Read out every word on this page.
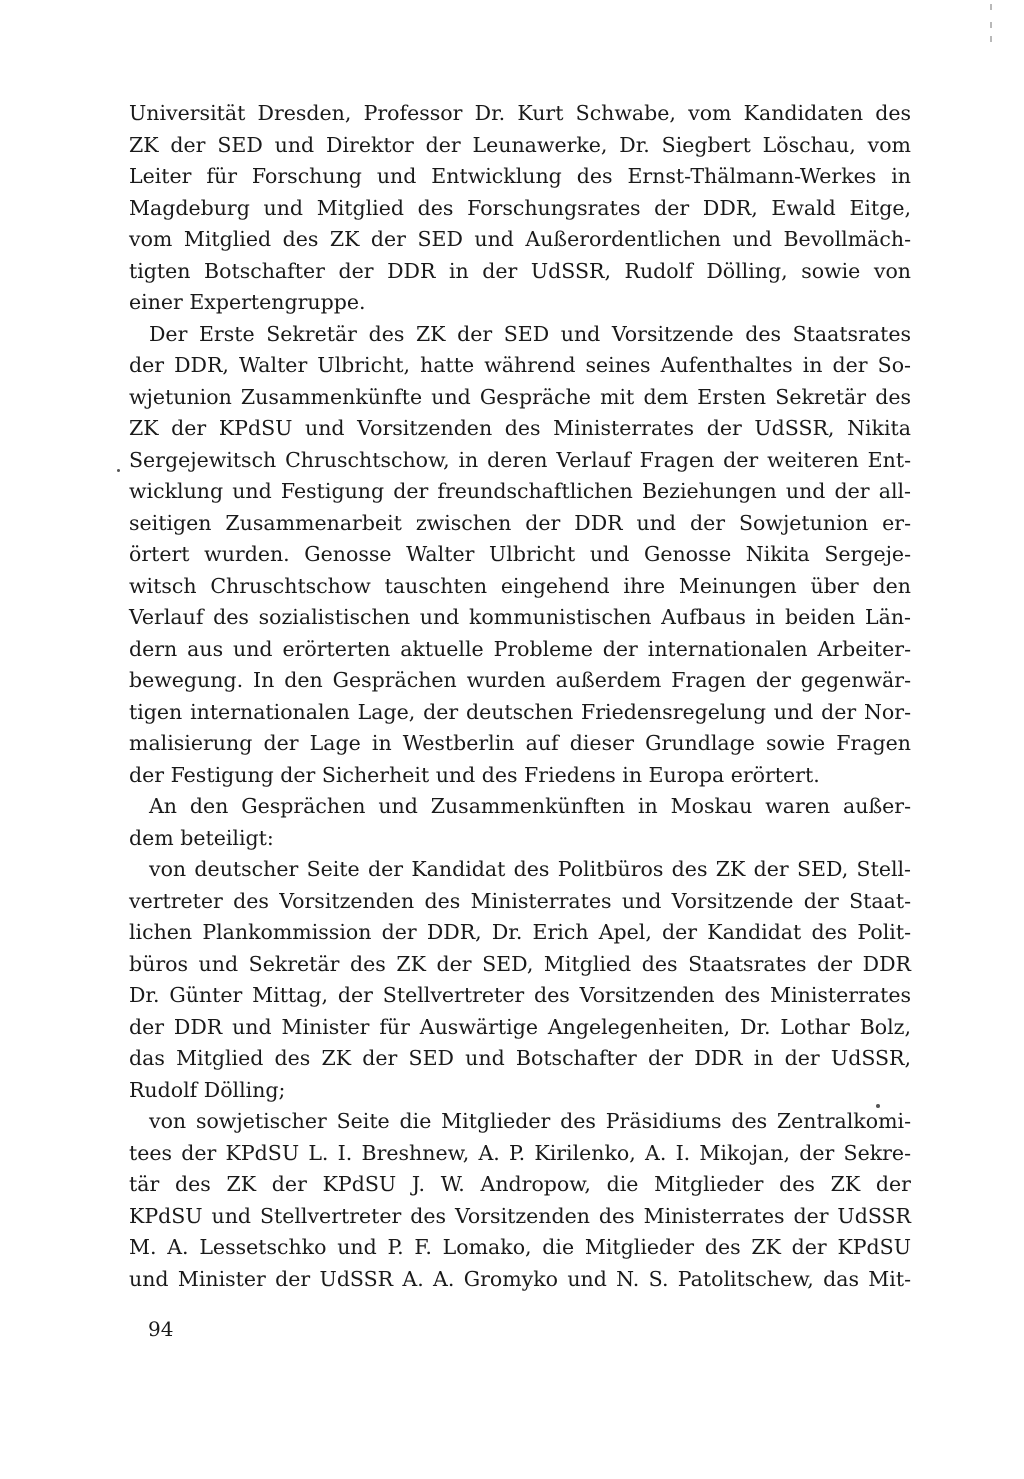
Universität Dresden, Professor Dr. Kurt Schwabe, vom Kandidaten des
ZK der SED und Direktor der Leunawerke, Dr. Siegbert Löschau, vom
Leiter für Forschung und Entwicklung des Ernst-Thälmann-Werkes in
Magdeburg und Mitglied des Forschungsrates der DDR, Ewald Eitge,
vom Mitglied des ZK der SED und Außerordentlichen und Bevollmäch-
tigten Botschafter der DDR in der UdSSR, Rudolf Dölling, sowie von
einer Expertengruppe.
Der Erste Sekretär des ZK der SED und Vorsitzende des Staatsrates
der DDR, Walter Ulbricht, hatte während seines Aufenthaltes in der So-
wjetunion Zusammenkünfte und Gespräche mit dem Ersten Sekretär des
ZK der KPdSU und Vorsitzenden des Ministerrates der UdSSR, Nikita
Sergejewitsch Chruschtschow, in deren Verlauf Fragen der weiteren Ent-
wicklung und Festigung der freundschaftlichen Beziehungen und der all-
seitigen Zusammenarbeit zwischen der DDR und der Sowjetunion er-
örtert wurden. Genosse Walter Ulbricht und Genosse Nikita Sergeje-
witsch Chruschtschow tauschten eingehend ihre Meinungen über den
Verlauf des sozialistischen und kommunistischen Aufbaus in beiden Län-
dern aus und erörterten aktuelle Probleme der internationalen Arbeiter-
bewegung. In den Gesprächen wurden außerdem Fragen der gegenwär-
tigen internationalen Lage, der deutschen Friedensregelung und der Nor-
malisierung der Lage in Westberlin auf dieser Grundlage sowie Fragen
der Festigung der Sicherheit und des Friedens in Europa erörtert.
An den Gesprächen und Zusammenkünften in Moskau waren außer-
dem beteiligt:
von deutscher Seite der Kandidat des Politbüros des ZK der SED, Stell-
vertreter des Vorsitzenden des Ministerrates und Vorsitzende der Staat-
lichen Plankommission der DDR, Dr. Erich Apel, der Kandidat des Polit-
büros und Sekretär des ZK der SED, Mitglied des Staatsrates der DDR
Dr. Günter Mittag, der Stellvertreter des Vorsitzenden des Ministerrates
der DDR und Minister für Auswärtige Angelegenheiten, Dr. Lothar Bolz,
das Mitglied des ZK der SED und Botschafter der DDR in der UdSSR,
Rudolf Dölling;
von sowjetischer Seite die Mitglieder des Präsidiums des Zentralkomi-
tees der KPdSU L. I. Breshnew, A. P. Kirilenko, A. I. Mikojan, der Sekre-
tär des ZK der KPdSU J. W. Andropow, die Mitglieder des ZK der
KPdSU und Stellvertreter des Vorsitzenden des Ministerrates der UdSSR
M. A. Lessetschko und P. F. Lomako, die Mitglieder des ZK der KPdSU
und Minister der UdSSR A. A. Gromyko und N. S. Patolitschew, das Mit-
94
